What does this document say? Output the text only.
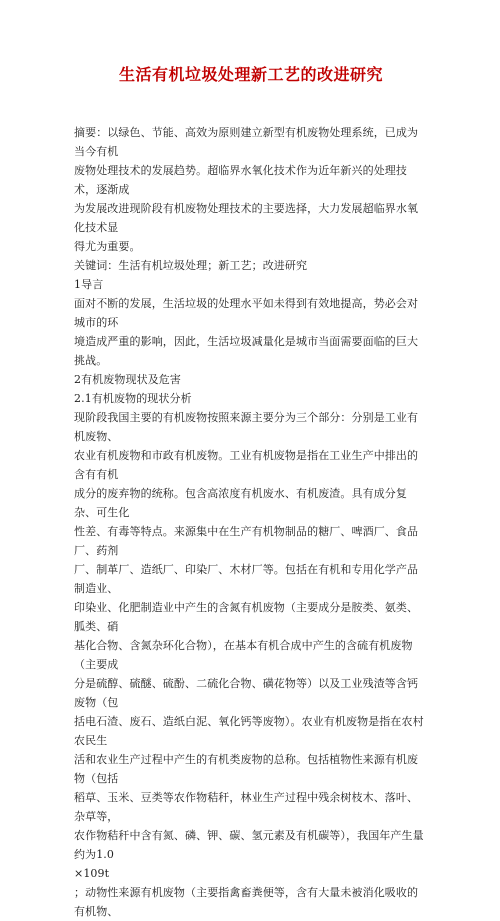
生活有机垃圾处理新工艺的改进研究

摘要：以绿色、节能、高效为原则建立新型有机废物处理系统，已成为当今有机
废物处理技术的发展趋势。超临界水氧化技术作为近年新兴的处理技术，逐渐成
为发展改进现阶段有机废物处理技术的主要选择，大力发展超临界水氧化技术显
得尤为重要。

关键词：生活有机垃圾处理；新工艺；改进研究

1导言

面对不断的发展，生活垃圾的处理水平如未得到有效地提高，势必会对城市的环
境造成严重的影响，因此，生活垃圾减量化是城市当面需要面临的巨大挑战。

2有机废物现状及危害

2.1有机废物的现状分析

现阶段我国主要的有机废物按照来源主要分为三个部分：分别是工业有机废物、
农业有机废物和市政有机废物。工业有机废物是指在工业生产中排出的含有有机
成分的废弃物的统称。包含高浓度有机废水、有机废渣。具有成分复杂、可生化
性差、有毒等特点。来源集中在生产有机物制品的糖厂、啤酒厂、食品厂、药剂
厂、制革厂、造纸厂、印染厂、木材厂等。包括在有机和专用化学产品制造业、
印染业、化肥制造业中产生的含氮有机废物（主要成分是胺类、氨类、胍类、硝
基化合物、含氮杂环化合物），在基本有机合成中产生的含硫有机废物（主要成
分是硫醇、硫醚、硫酚、二硫化合物、磺花物等）以及工业残渣等含钙废物（包
括电石渣、废石、造纸白泥、氧化钙等废物）。农业有机废物是指在农村农民生
活和农业生产过程中产生的有机类废物的总称。包括植物性来源有机废物（包括
稻草、玉米、豆类等农作物秸秆，林业生产过程中残余树枝木、落叶、杂草等，
农作物秸秆中含有氮、磷、钾、碳、氢元素及有机碳等），我国年产生量约为1.0
×109t
；动物性来源有机废物（主要指禽畜粪便等，含有大量未被消化吸收的有机物、
